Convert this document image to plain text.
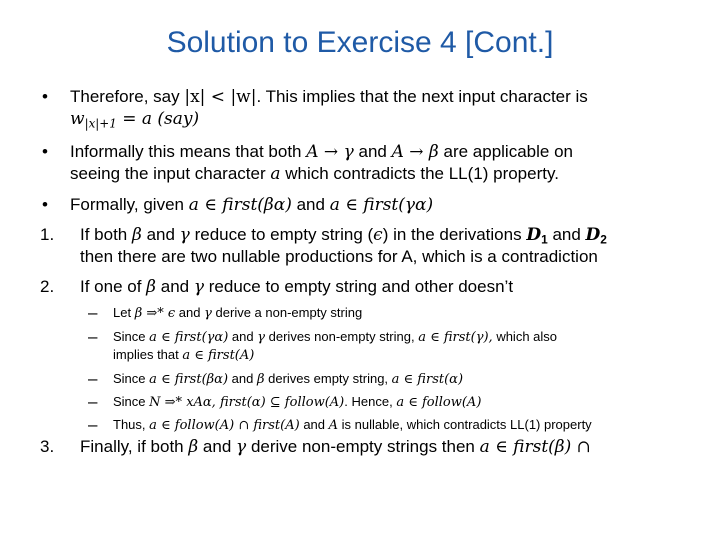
Solution to Exercise 4 [Cont.]
• Therefore, say |x| < |w|. This implies that the next input character is
$w_{|x|+1} = a$ (say)
• Informally this means that both A → γ and A → β are applicable on
seeing the input character a which contradicts the LL(1) property.
• Formally, given a ∈ first(βα) and a ∈ first(γα)
1. If both β and γ reduce to empty string (ϵ) in the derivations $D_1$ and $D_2$
then there are two nullable productions for A, which is a contradiction
2. If one of β and γ reduce to empty string and other doesn’t
– Let β ⇒* ϵ and γ derive a non-empty string
– Since a ∈ first(γα) and γ derives non-empty string, a ∈ first(γ), which also
implies that a ∈ first(A)
– Since a ∈ first(βα) and β derives empty string, a ∈ first(α)
– Since N ⇒* xAα, first(α) ⊆ follow(A). Hence, a ∈ follow(A)
– Thus, a ∈ follow(A) ∩ first(A) and A is nullable, which contradicts LL(1) property
3. Finally, if both β and γ derive non-empty strings then a ∈ first(β) ∩
